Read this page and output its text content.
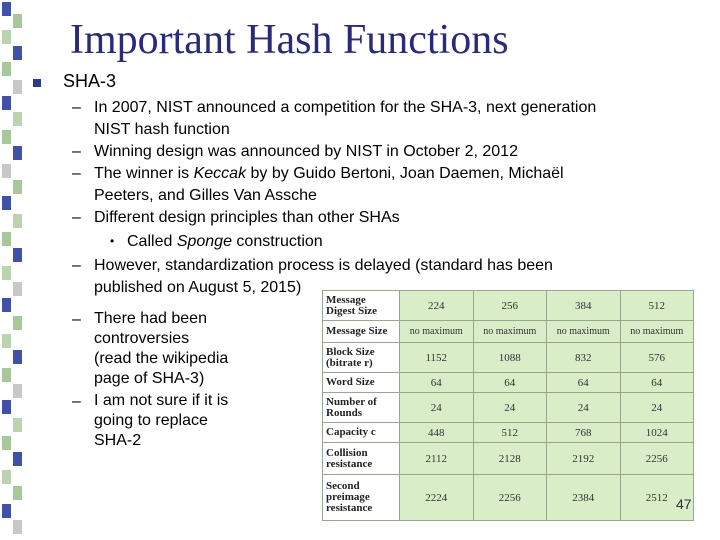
Important Hash Functions
SHA-3
– In 2007, NIST announced a competition for the SHA-3, next generation
NIST hash function
– Winning design was announced by NIST in October 2, 2012
– The winner is Keccak by by Guido Bertoni, Joan Daemen, Michaël
Peeters, and Gilles Van Assche
– Different design principles than other SHAs
• Called Sponge construction
– However, standardization process is delayed (standard has been
published on August 5, 2015)
– There had been
controversies
(read the wikipedia
page of SHA-3)
– I am not sure if it is
going to replace
SHA-2
Message Digest Size	224	256	384	512
Message Size	no maximum	no maximum	no maximum	no maximum
Block Size (bitrate r)	1152	1088	832	576
Word Size	64	64	64	64
Number of Rounds	24	24	24	24
Capacity c	448	512	768	1024
Collision resistance	2112	2128	2192	2256
Second preimage resistance	2224	2256	2384	2512 47
